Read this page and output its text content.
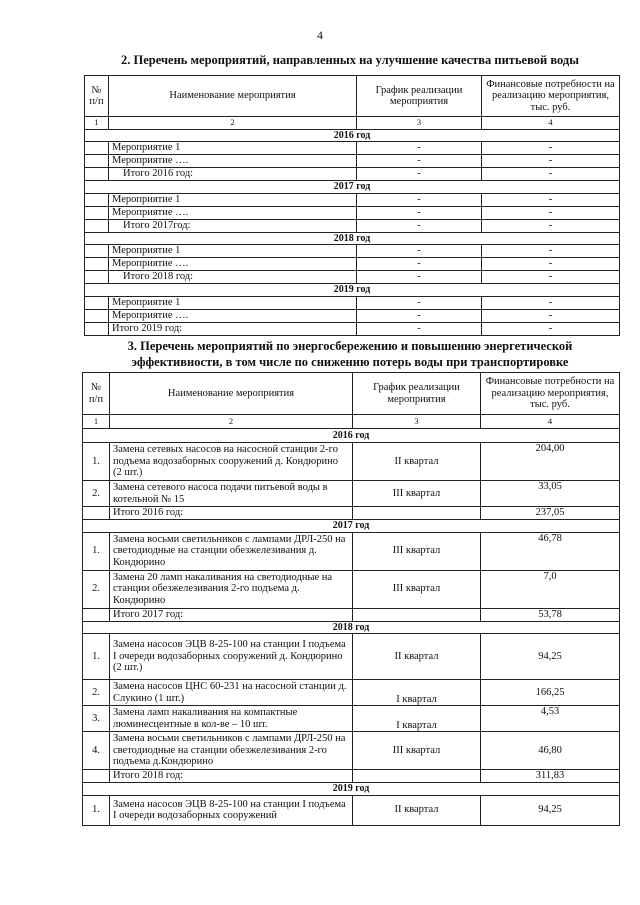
4
2. Перечень мероприятий, направленных на улучшение качества питьевой воды
№ п/п	Наименование мероприятия	График реализации мероприятия	Финансовые потребности на реализацию мероприятия, тыс. руб.
1	2	3	4
2016 год			
	Мероприятие 1	-	-
	Мероприятие ….	-	-
	Итого 2016 год:	-	-
2017 год			
	Мероприятие 1	-	-
	Мероприятие ….	-	-
	Итого 2017год:	-	-
2018 год			
	Мероприятие 1	-	-
	Мероприятие ….	-	-
	Итого 2018 год:	-	-
2019 год			
	Мероприятие 1	-	-
	Мероприятие ….	-	-
	Итого 2019 год:	-	-
3. Перечень мероприятий по энергосбережению и повышению энергетической
эффективности, в том числе по снижению потерь воды при транспортировке
№ п/п	Наименование мероприятия	График реализации мероприятия	Финансовые потребности на реализацию мероприятия, тыс. руб.
1	2	3	4
2016 год			
1.	Замена сетевых насосов на насосной станции 2-го подъема водозаборных сооружений д. Кондюрино (2 шт.)	II квартал	204,00
2.	Замена сетевого насоса подачи питьевой воды в котельной № 15	III квартал	33,05
	Итого 2016 год:		237,05
2017 год			
1.	Замена восьми светильников с лампами ДРЛ-250 на светодиодные на станции обезжелезивания д. Кондюрино	III квартал	46,78
2.	Замена 20 ламп накаливания на светодиодные на станции обезжелезивания 2-го подъема д. Кондюрино	III квартал	7,0
	Итого 2017 год:		53,78
2018 год			
1.	Замена насосов ЭЦВ 8-25-100 на станции I подъема I очереди водозаборных сооружений д. Кондюрино (2 шт.)	II квартал	94,25
2.	Замена насосов ЦНС 60-231 на насосной станции д. Слукино (1 шт.)	I квартал	166,25
3.	Замена ламп накаливания на компактные люминесцентные в кол-ве – 10 шт.	I квартал	4,53
4.	Замена восьми светильников с лампами ДРЛ-250 на светодиодные на станции обезжелезивания 2-го подъема д.Кондюрино	III квартал	46,80
	Итого 2018 год:		311,83
2019 год			
1.	Замена насосов ЭЦВ 8-25-100 на станции I подъема I очереди водозаборных сооружений	II квартал	94,25
